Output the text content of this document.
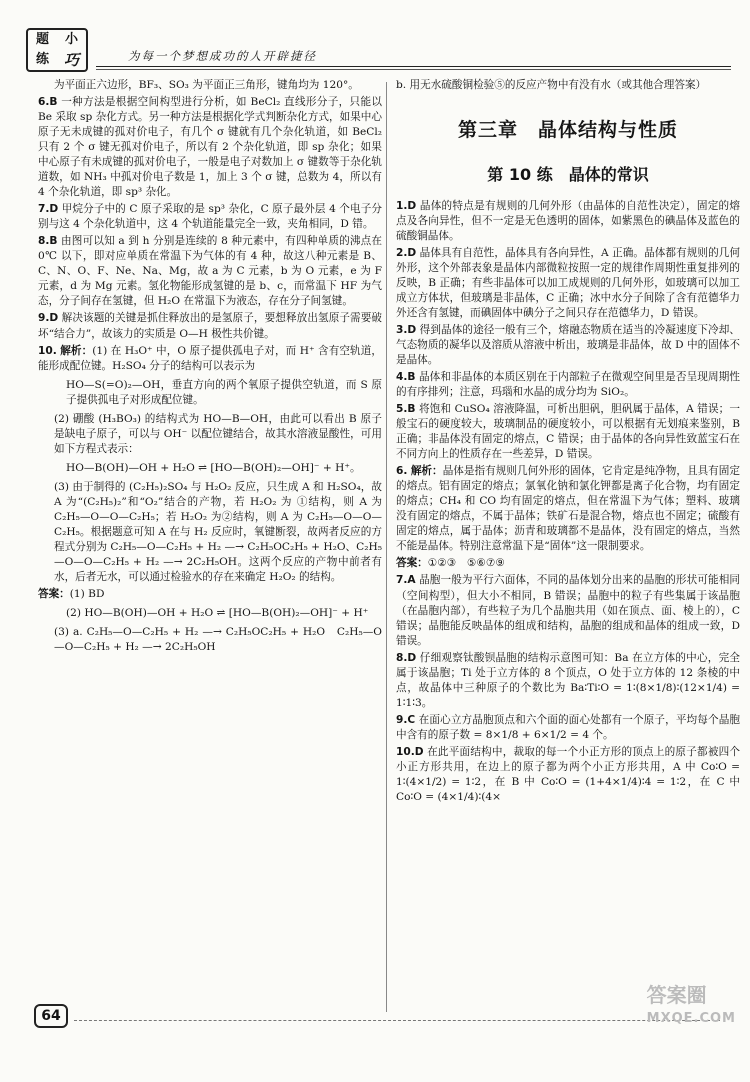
题	小
练 巧	为每一个梦想成功的人开辟捷径

为平面正六边形，BF₃、SO₃ 为平面正三角形，键角均为 120°。

6.B 一种方法是根据空间构型进行分析，如 BeCl₂ 直线形分子，只能以 Be 采取 sp 杂化方式。另一种方法是根据化学式判断杂化方式，如果中心原子无未成键的孤对价电子，有几个 σ 键就有几个杂化轨道，如 BeCl₂ 只有 2 个 σ 键无孤对价电子，所以有 2 个杂化轨道，即 sp 杂化；如果中心原子有未成键的孤对价电子，一般是电子对数加上 σ 键数等于杂化轨道数，如 NH₃ 中孤对价电子数是 1，加上 3 个 σ 键，总数为 4，所以有 4 个杂化轨道，即 sp³ 杂化。

7.D 甲烷分子中的 C 原子采取的是 sp³ 杂化，C 原子最外层 4 个电子分别与这 4 个杂化轨道中，这 4 个轨道能量完全一致，夹角相同，D 错。

8.B 由图可以知 a 到 h 分别是连续的 8 种元素中，有四种单质的沸点在 0℃ 以下，即对应单质在常温下为气体的有 4 种，故这八种元素是 B、C、N、O、F、Ne、Na、Mg，故 a 为 C 元素，b 为 O 元素，e 为 F 元素，d 为 Mg 元素。氢化物能形成氢键的是 b、c，而常温下 HF 为气态，分子间存在氢键，但 H₂O 在常温下为液态，存在分子间氢键。

9.D 解决该题的关键是抓住释放出的是氢原子，要想释放出氢原子需要破坏“结合力”，故该力的实质是 O—H 极性共价键。

10. 解析：(1) 在 H₃O⁺ 中，O 原子提供孤电子对，而 H⁺ 含有空轨道，能形成配位键。H₂SO₄ 分子的结构可以表示为

HO—S(=O)₂—OH，垂直方向的两个氧原子提供空轨道，而 S 原子提供孤电子对形成配位键。

(2) 硼酸 (H₃BO₃) 的结构式为 HO—B—OH，由此可以看出 B 原子是缺电子原子，可以与 OH⁻ 以配位键结合，故其水溶液显酸性，可用如下方程式表示：

HO—B(OH)—OH + H₂O ⇌ [HO—B(OH)₂—OH]⁻ + H⁺。

(3) 由于制得的 (C₂H₅)₂SO₄ 与 H₂O₂ 反应，只生成 A 和 H₂SO₄，故 A 为“(C₂H₅)₂”和“O₂”结合的产物，若 H₂O₂ 为 ①结构，则 A 为 C₂H₅—O—O—C₂H₅；若 H₂O₂ 为②结构，则 A 为 C₂H₅—O—O—C₂H₅。根据题意可知 A 在与 H₂ 反应时，氧键断裂，故两者反应的方程式分别为 C₂H₅—O—C₂H₅ + H₂ —→ C₂H₅OC₂H₅ + H₂O、C₂H₅—O—O—C₂H₅ + H₂ —→ 2C₂H₅OH。这两个反应的产物中前者有水，后者无水，可以通过检验水的存在来确定 H₂O₂ 的结构。

答案：(1) BD

(2) HO—B(OH)—OH + H₂O ⇌ [HO—B(OH)₂—OH]⁻ + H⁺

(3) a. C₂H₅—O—C₂H₅ + H₂ —→ C₂H₅OC₂H₅ + H₂O　C₂H₅—O—O—C₂H₅ + H₂ —→ 2C₂H₅OH

b. 用无水硫酸铜检验⑤的反应产物中有没有水（或其他合理答案）

第三章　晶体结构与性质
第 10 练　晶体的常识

1.D 晶体的特点是有规则的几何外形（由晶体的自范性决定），固定的熔点及各向异性，但不一定是无色透明的固体，如紫黑色的碘晶体及蓝色的硫酸铜晶体。

2.D 晶体具有自范性，晶体具有各向异性，A 正确。晶体都有规则的几何外形，这个外部表象是晶体内部微粒按照一定的规律作周期性重复排列的反映，B 正确；有些非晶体可以加工成规则的几何外形，如玻璃可以加工成立方体状，但玻璃是非晶体，C 正确；冰中水分子间除了含有范德华力外还含有氢键，而碘固体中碘分子之间只存在范德华力，D 错误。

3.D 得到晶体的途径一般有三个，熔融态物质在适当的冷凝速度下冷却、气态物质的凝华以及溶质从溶液中析出，玻璃是非晶体，故 D 中的固体不是晶体。

4.B 晶体和非晶体的本质区别在于内部粒子在微观空间里是否呈现周期性的有序排列；注意，玛瑙和水晶的成分均为 SiO₂。

5.B 将饱和 CuSO₄ 溶液降温，可析出胆矾，胆矾属于晶体，A 错误；一般宝石的硬度较大，玻璃制品的硬度较小，可以根据有无划痕来鉴别，B 正确；非晶体没有固定的熔点，C 错误；由于晶体的各向异性致蓝宝石在不同方向上的性质存在一些差异，D 错误。

6. 解析：晶体是指有规则几何外形的固体，它肯定是纯净物，且具有固定的熔点。铝有固定的熔点；氯氧化钠和氯化钾都是离子化合物，均有固定的熔点；CH₄ 和 CO 均有固定的熔点，但在常温下为气体；塑料、玻璃没有固定的熔点，不属于晶体；铁矿石是混合物，熔点也不固定；硫酸有固定的熔点，属于晶体；沥青和玻璃都不是晶体，没有固定的熔点，当然不能是晶体。特别注意常温下是“固体”这一限制要求。

答案：①②③　⑤⑥⑦⑨

7.A 晶胞一般为平行六面体，不同的晶体划分出来的晶胞的形状可能相同（空间构型），但大小不相同，B 错误；晶胞中的粒子有些集属于该晶胞（在晶胞内部），有些粒子为几个晶胞共用（如在顶点、面、棱上的），C 错误；晶胞能反映晶体的组成和结构，晶胞的组成和晶体的组成一致，D 错误。

8.D 仔细观察钛酸钡晶胞的结构示意图可知：Ba 在立方体的中心，完全属于该晶胞；Ti 处于立方体的 8 个顶点，O 处于立方体的 12 条棱的中点，故晶体中三种原子的个数比为 Ba∶Ti∶O = 1∶(8×1/8)∶(12×1/4) = 1∶1∶3。

9.C 在面心立方晶胞顶点和六个面的面心处都有一个原子，平均每个晶胞中含有的原子数 = 8×1/8 + 6×1/2 = 4 个。

10.D 在此平面结构中，裁取的每一个小正方形的顶点上的原子都被四个小正方形共用，在边上的原子都为两个小正方形共用，A 中 Co∶O = 1∶(4×1/2) = 1∶2，在 B 中 Co∶O = (1+4×1/4)∶4 = 1∶2，在 C 中 Co∶O = (4×1/4)∶(4×

64
答案圈
MXQE.COM
